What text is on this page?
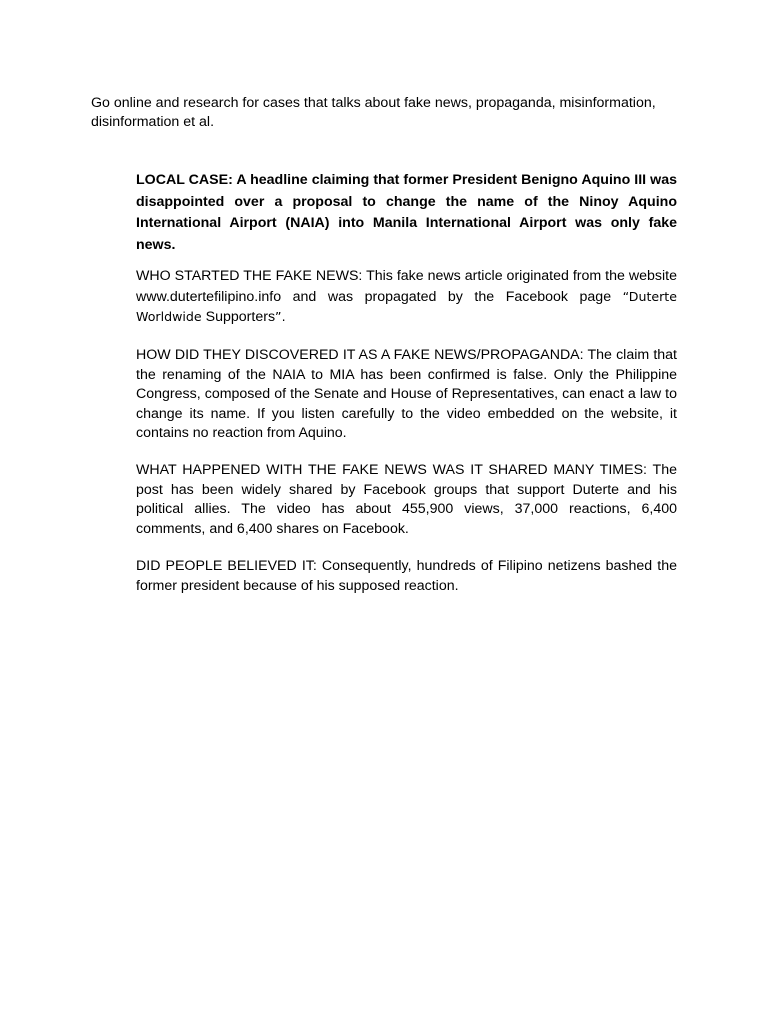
Go online and research for cases that talks about fake news, propaganda, misinformation, disinformation et al.

LOCAL CASE: A headline claiming that former President Benigno Aquino III was disappointed over a proposal to change the name of the Ninoy Aquino International Airport (NAIA) into Manila International Airport was only fake news.

WHO STARTED THE FAKE NEWS: This fake news article originated from the website www.dutertefilipino.info and was propagated by the Facebook page “Duterte Worldwide Supporters”.

HOW DID THEY DISCOVERED IT AS A FAKE NEWS/PROPAGANDA: The claim that the renaming of the NAIA to MIA has been confirmed is false. Only the Philippine Congress, composed of the Senate and House of Representatives, can enact a law to change its name. If you listen carefully to the video embedded on the website, it contains no reaction from Aquino.

WHAT HAPPENED WITH THE FAKE NEWS WAS IT SHARED MANY TIMES: The post has been widely shared by Facebook groups that support Duterte and his political allies. The video has about 455,900 views, 37,000 reactions, 6,400 comments, and 6,400 shares on Facebook.

DID PEOPLE BELIEVED IT: Consequently, hundreds of Filipino netizens bashed the former president because of his supposed reaction.
